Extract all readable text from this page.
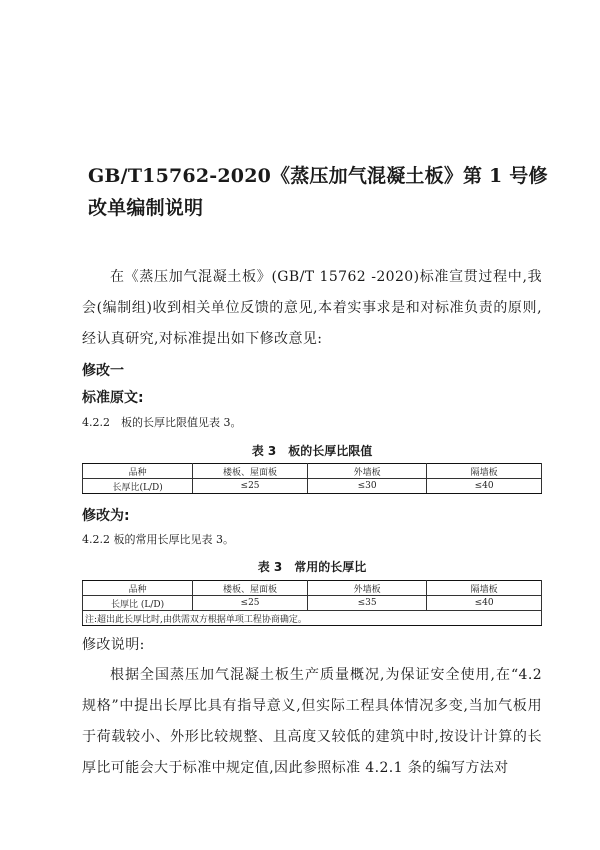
GB/T15762-2020《蒸压加气混凝土板》第 1 号修改单编制说明
在《蒸压加气混凝土板》(GB/T 15762 -2020)标准宣贯过程中,我会(编制组)收到相关单位反馈的意见,本着实事求是和对标准负责的原则,经认真研究,对标准提出如下修改意见:
修改一
标准原文:
4.2.2　板的长厚比限值见表 3。
表 3　板的长厚比限值
品种	楼板、屋面板	外墙板	隔墙板
长厚比(L/D)	≤25	≤30	≤40
修改为:
4.2.2 板的常用长厚比见表 3。
表 3　常用的长厚比
品种	楼板、屋面板	外墙板	隔墙板
长厚比 (L/D)	≤25	≤35	≤40
注:超出此长厚比时,由供需双方根据单项工程协商确定。			
修改说明:
根据全国蒸压加气混凝土板生产质量概况,为保证安全使用,在“4.2 规格”中提出长厚比具有指导意义,但实际工程具体情况多变,当加气板用于荷载较小、外形比较规整、且高度又较低的建筑中时,按设计计算的长厚比可能会大于标准中规定值,因此参照标准 4.2.1 条的编写方法对
